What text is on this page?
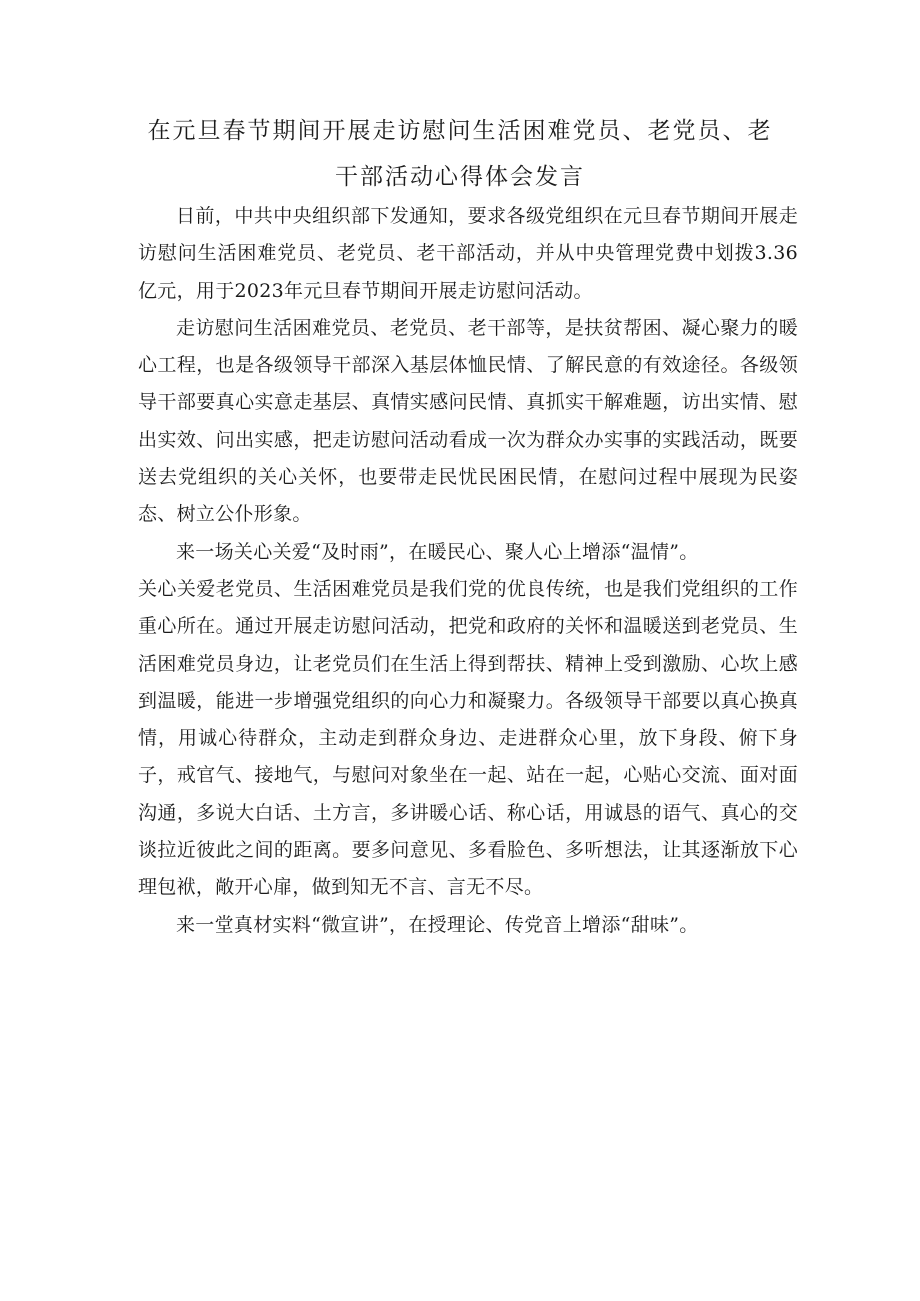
在元旦春节期间开展走访慰问生活困难党员、老党员、老
干部活动心得体会发言

日前，中共中央组织部下发通知，要求各级党组织在元旦春节期间开展走访慰问生活困难党员、老党员、老干部活动，并从中央管理党费中划拨3.36亿元，用于2023年元旦春节期间开展走访慰问活动。

走访慰问生活困难党员、老党员、老干部等，是扶贫帮困、凝心聚力的暖心工程，也是各级领导干部深入基层体恤民情、了解民意的有效途径。各级领导干部要真心实意走基层、真情实感问民情、真抓实干解难题，访出实情、慰出实效、问出实感，把走访慰问活动看成一次为群众办实事的实践活动，既要送去党组织的关心关怀，也要带走民忧民困民情，在慰问过程中展现为民姿态、树立公仆形象。

来一场关心关爱“及时雨”，在暖民心、聚人心上增添“温情”。

关心关爱老党员、生活困难党员是我们党的优良传统，也是我们党组织的工作重心所在。通过开展走访慰问活动，把党和政府的关怀和温暖送到老党员、生活困难党员身边，让老党员们在生活上得到帮扶、精神上受到激励、心坎上感到温暖，能进一步增强党组织的向心力和凝聚力。各级领导干部要以真心换真情，用诚心待群众，主动走到群众身边、走进群众心里，放下身段、俯下身子，戒官气、接地气，与慰问对象坐在一起、站在一起，心贴心交流、面对面沟通，多说大白话、土方言，多讲暖心话、称心话，用诚恳的语气、真心的交谈拉近彼此之间的距离。要多问意见、多看脸色、多听想法，让其逐渐放下心理包袱，敞开心扉，做到知无不言、言无不尽。

来一堂真材实料“微宣讲”，在授理论、传党音上增添“甜味”。
